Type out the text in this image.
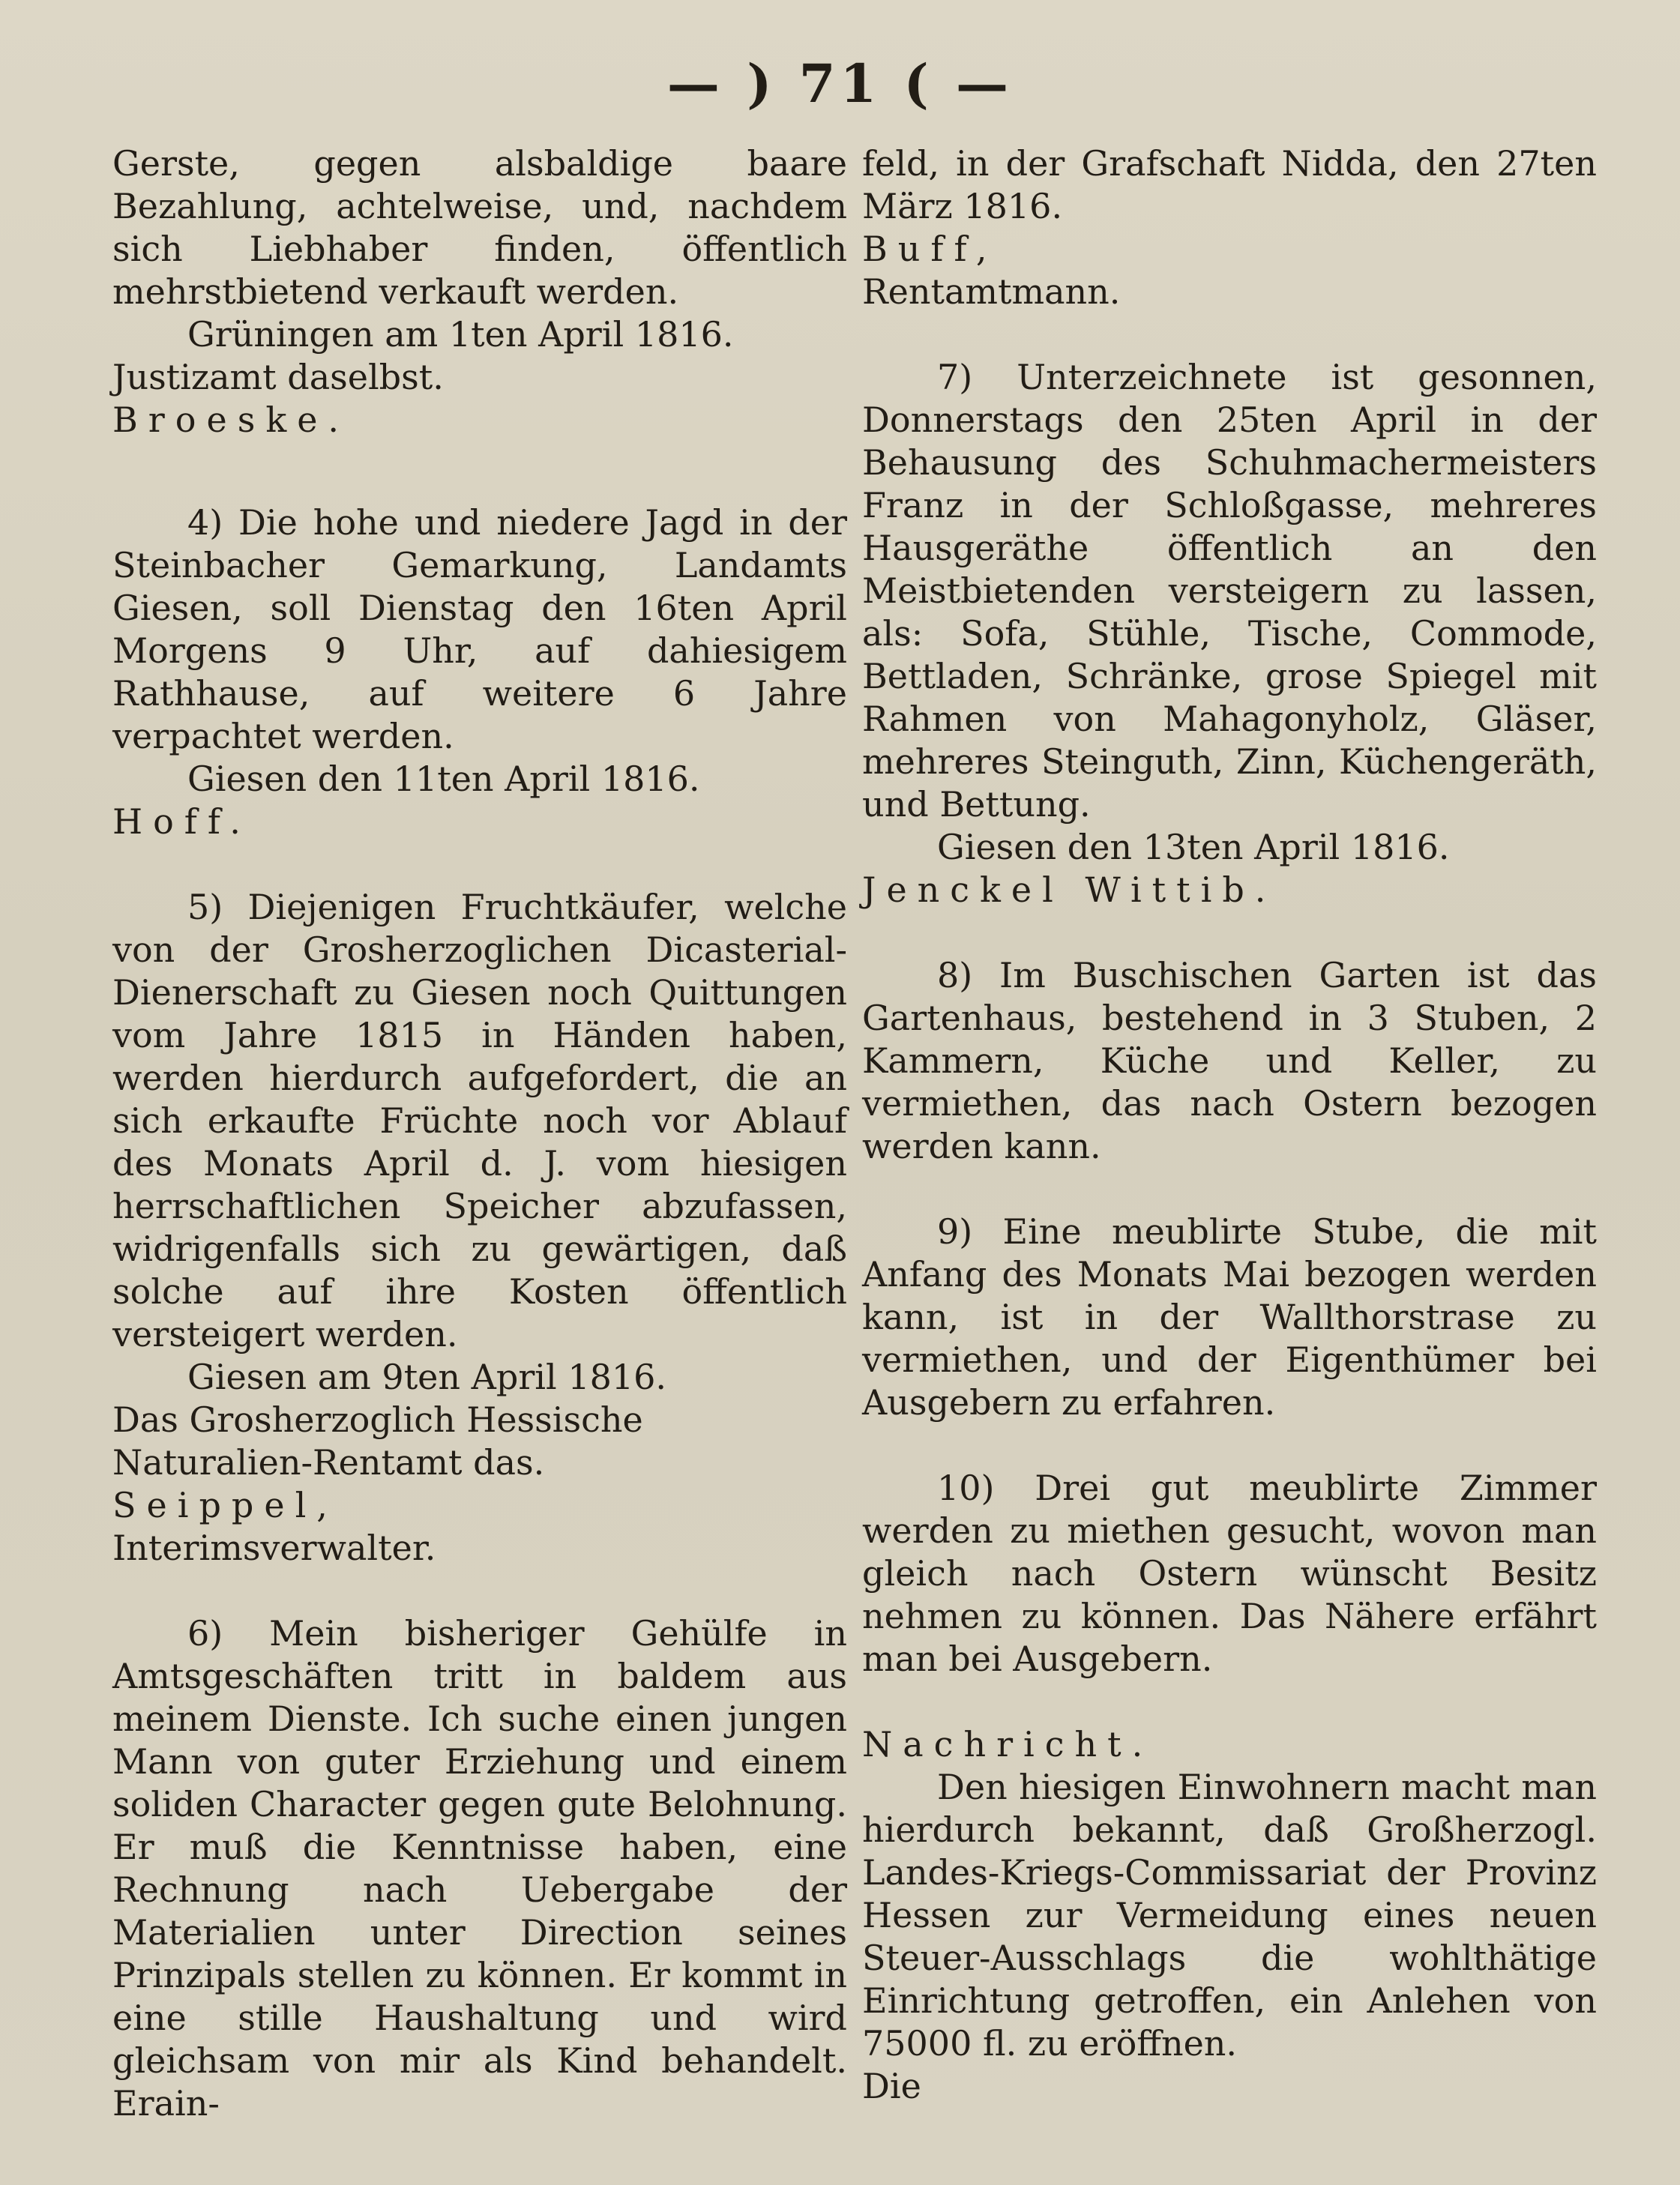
— ) 71 ( —

Gerste, gegen alsbaldige baare Bezahlung, achtelweise, und, nachdem sich Liebhaber finden, öffentlich mehrstbietend verkauft werden.

Grüningen am 1ten April 1816.

Justizamt daselbst.

Broeske.

4) Die hohe und niedere Jagd in der Steinbacher Gemarkung, Landamts Giesen, soll Dienstag den 16ten April Morgens 9 Uhr, auf dahiesigem Rathhause, auf weitere 6 Jahre verpachtet werden.

Giesen den 11ten April 1816.

Hoff.

5) Diejenigen Fruchtkäufer, welche von der Grosherzoglichen Dicasterial-Dienerschaft zu Giesen noch Quittungen vom Jahre 1815 in Händen haben, werden hierdurch aufgefordert, die an sich erkaufte Früchte noch vor Ablauf des Monats April d. J. vom hiesigen herrschaftlichen Speicher abzufassen, widrigenfalls sich zu gewärtigen, daß solche auf ihre Kosten öffentlich versteigert werden.

Giesen am 9ten April 1816.

Das Grosherzoglich Hessische

Naturalien-Rentamt das.

Seippel,

Interimsverwalter.

6) Mein bisheriger Gehülfe in Amtsgeschäften tritt in baldem aus meinem Dienste. Ich suche einen jungen Mann von guter Erziehung und einem soliden Character gegen gute Belohnung. Er muß die Kenntnisse haben, eine Rechnung nach Uebergabe der Materialien unter Direction seines Prinzipals stellen zu können. Er kommt in eine stille Haushaltung und wird gleichsam von mir als Kind behandelt. Erain-

feld, in der Grafschaft Nidda, den 27ten März 1816.

Buff,

Rentamtmann.

7) Unterzeichnete ist gesonnen, Donnerstags den 25ten April in der Behausung des Schuhmachermeisters Franz in der Schloßgasse, mehreres Hausgeräthe öffentlich an den Meistbietenden versteigern zu lassen, als: Sofa, Stühle, Tische, Commode, Bettladen, Schränke, grose Spiegel mit Rahmen von Mahagonyholz, Gläser, mehreres Steinguth, Zinn, Küchengeräth, und Bettung.

Giesen den 13ten April 1816.

Jenckel Wittib.

8) Im Buschischen Garten ist das Gartenhaus, bestehend in 3 Stuben, 2 Kammern, Küche und Keller, zu vermiethen, das nach Ostern bezogen werden kann.

9) Eine meublirte Stube, die mit Anfang des Monats Mai bezogen werden kann, ist in der Wallthorstrase zu vermiethen, und der Eigenthümer bei Ausgebern zu erfahren.

10) Drei gut meublirte Zimmer werden zu miethen gesucht, wovon man gleich nach Ostern wünscht Besitz nehmen zu können. Das Nähere erfährt man bei Ausgebern.

Nachricht.

Den hiesigen Einwohnern macht man hierdurch bekannt, daß Großherzogl. Landes-Kriegs-Commissariat der Provinz Hessen zur Vermeidung eines neuen Steuer-Ausschlags die wohlthätige Einrichtung getroffen, ein Anlehen von 75000 fl. zu eröffnen.

Die
